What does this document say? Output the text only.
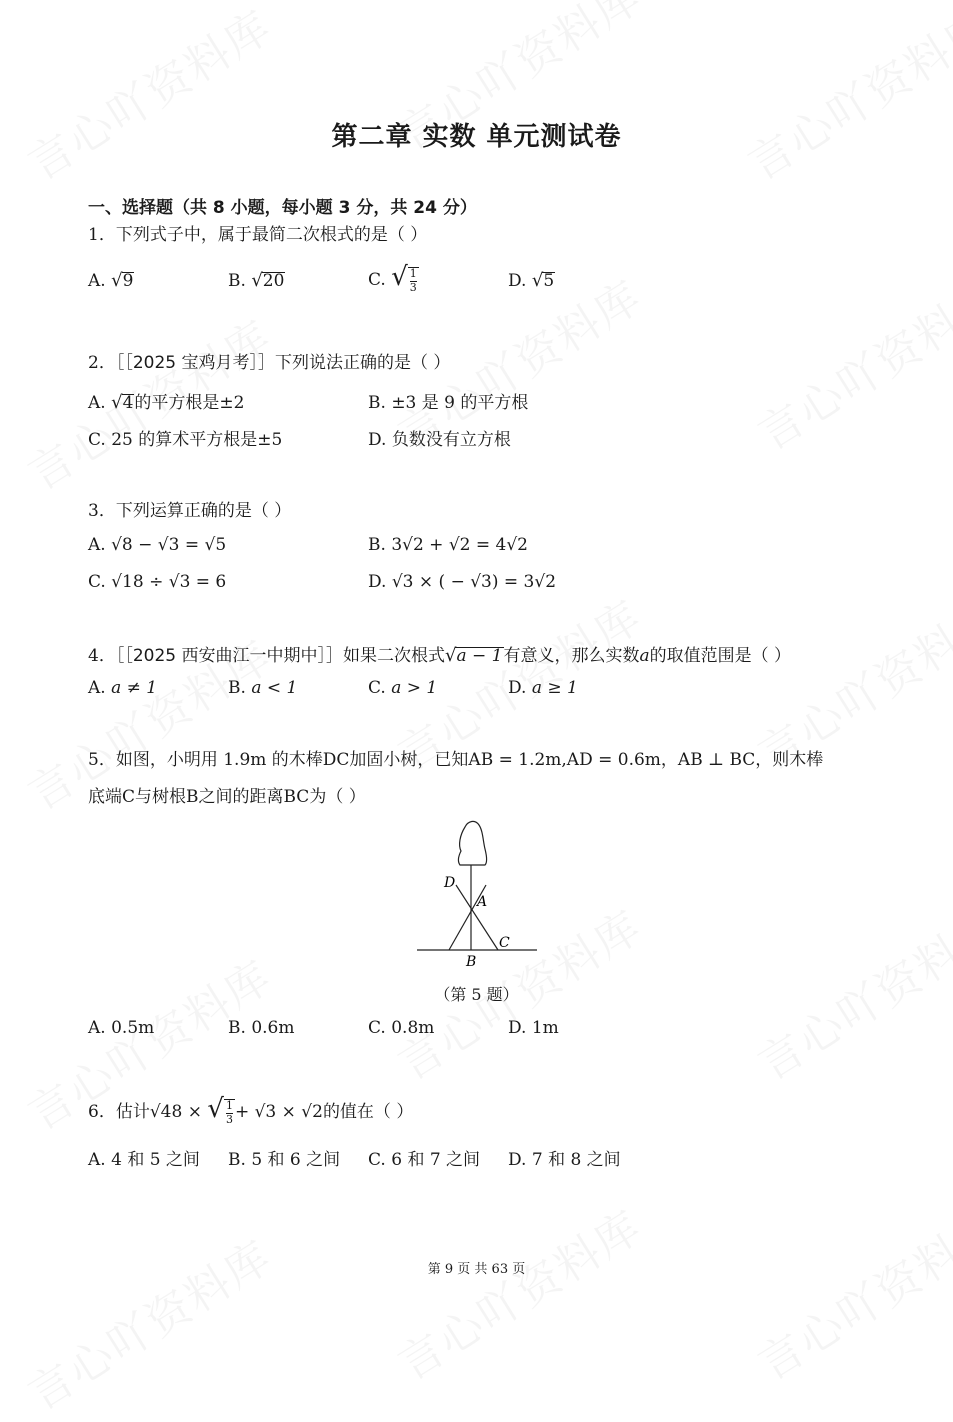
第二章 实数 单元测试卷
一、选择题（共 8 小题，每小题 3 分，共 24 分）
1．下列式子中，属于最简二次根式的是（ ）
A. √9	B. √20	C. √ $\frac{1}{3}$	D. √5
2．［［2025 宝鸡月考］］下列说法正确的是（ ）
A. √4的平方根是±2	B. ±3 是 9 的平方根
C. 25 的算术平方根是±5	D. 负数没有立方根
3．下列运算正确的是（ ）
A. √8 − √3 = √5	B. 3√2 + √2 = 4√2
C. √18 ÷ √3 = 6	D. √3 × ( − √3) = 3√2
4．［［2025 西安曲江一中期中］］如果二次根式√a − 1有意义，那么实数a的取值范围是（ ）
A. a ≠ 1	B. a < 1	C. a > 1	D. a ≥ 1
5．如图，小明用 1.9m 的木棒DC加固小树，已知AB = 1.2m,AD = 0.6m，AB ⊥ BC，则木棒
底端C与树根B之间的距离BC为（ ）
D
A
C
B
（第 5 题）
A. 0.5m	B. 0.6m	C. 0.8m	D. 1m
6．估计√48 × √ $\frac{1}{3} + √3 \times √2$的值在（ ）
A. 4 和 5 之间 B. 5 和 6 之间 C. 6 和 7 之间 D. 7 和 8 之间
第 9 页 共 63 页
